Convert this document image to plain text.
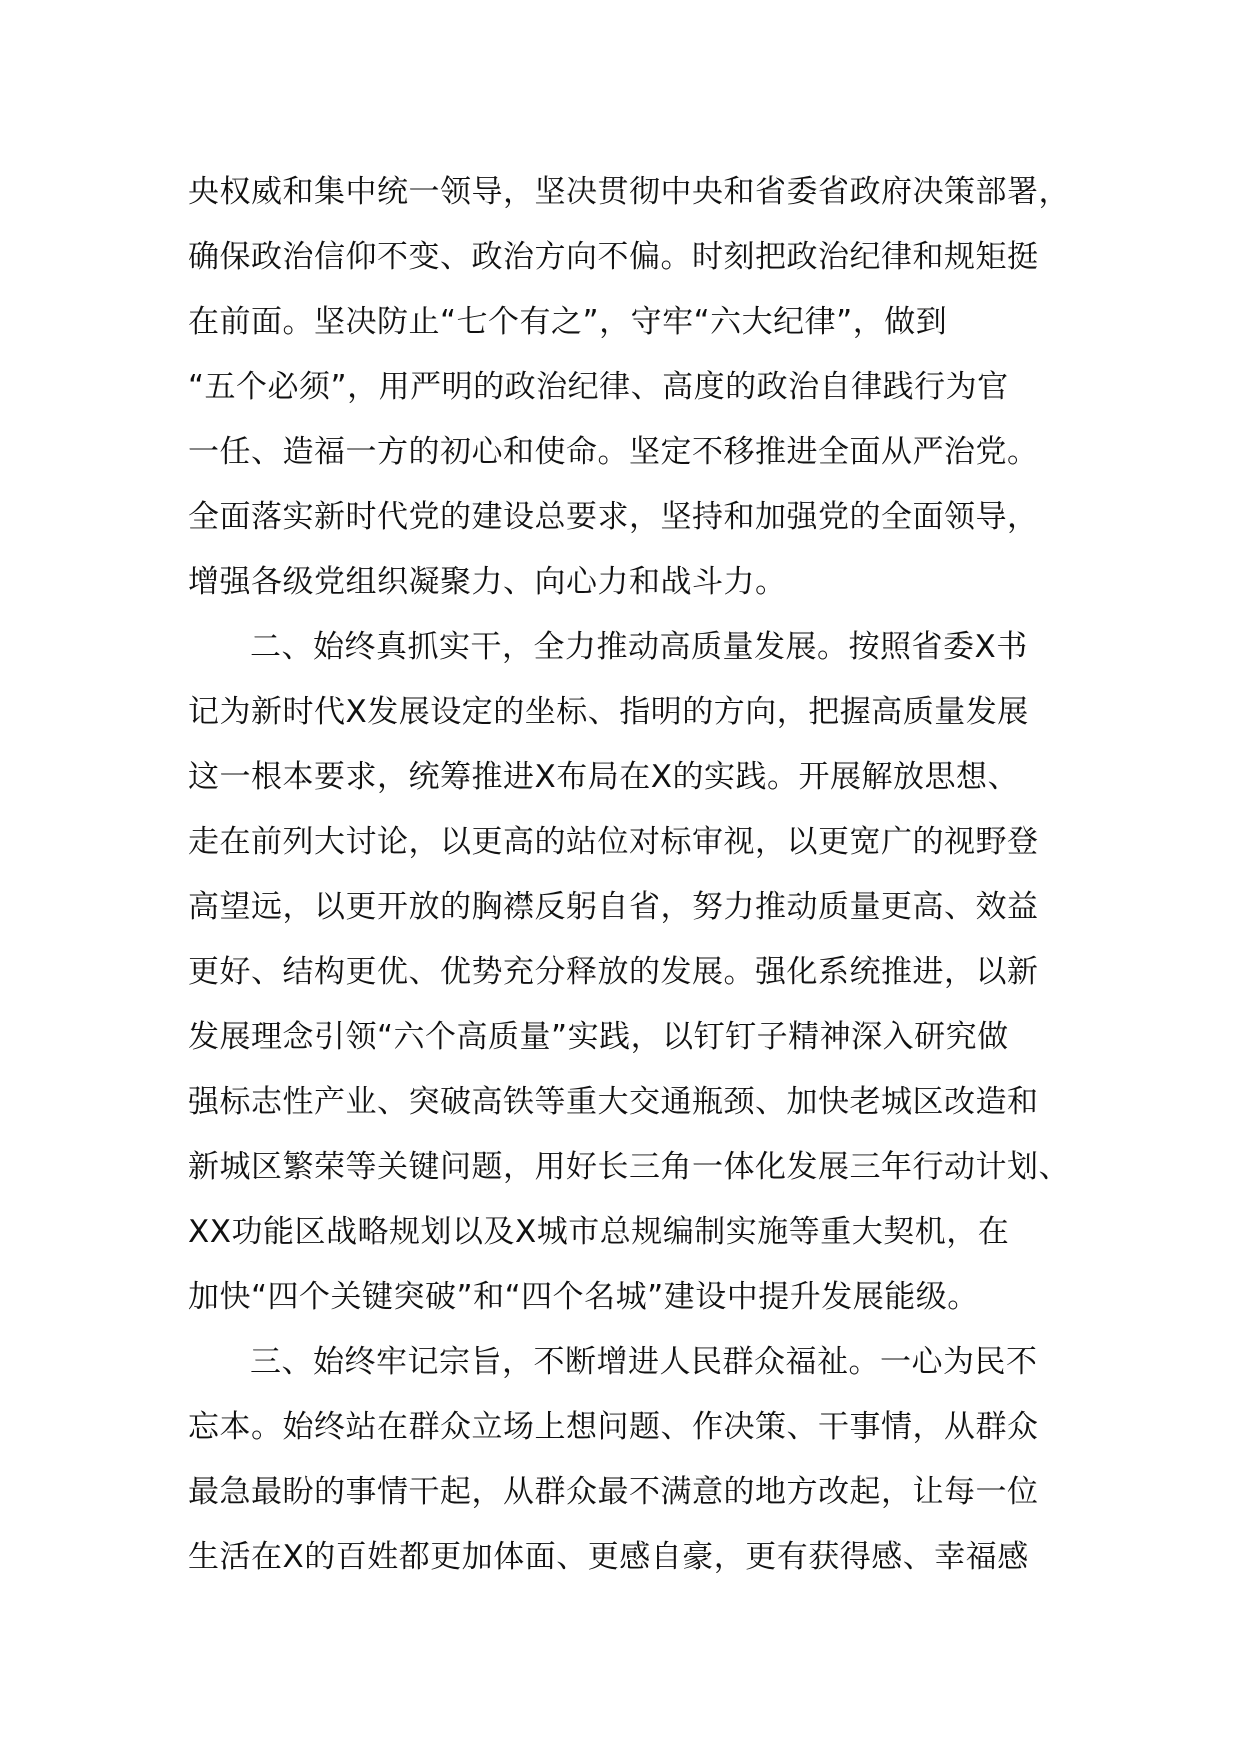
央权威和集中统一领导，坚决贯彻中央和省委省政府决策部署，
确保政治信仰不变、政治方向不偏。时刻把政治纪律和规矩挺
在前面。坚决防止“七个有之”，守牢“六大纪律”，做到
“五个必须”，用严明的政治纪律、高度的政治自律践行为官
一任、造福一方的初心和使命。坚定不移推进全面从严治党。
全面落实新时代党的建设总要求，坚持和加强党的全面领导，
增强各级党组织凝聚力、向心力和战斗力。
二、始终真抓实干，全力推动高质量发展。按照省委X书
记为新时代X发展设定的坐标、指明的方向，把握高质量发展
这一根本要求，统筹推进X布局在X的实践。开展解放思想、
走在前列大讨论，以更高的站位对标审视，以更宽广的视野登
高望远，以更开放的胸襟反躬自省，努力推动质量更高、效益
更好、结构更优、优势充分释放的发展。强化系统推进，以新
发展理念引领“六个高质量”实践，以钉钉子精神深入研究做
强标志性产业、突破高铁等重大交通瓶颈、加快老城区改造和
新城区繁荣等关键问题，用好长三角一体化发展三年行动计划、
XX功能区战略规划以及X城市总规编制实施等重大契机，在
加快“四个关键突破”和“四个名城”建设中提升发展能级。
三、始终牢记宗旨，不断增进人民群众福祉。一心为民不
忘本。始终站在群众立场上想问题、作决策、干事情，从群众
最急最盼的事情干起，从群众最不满意的地方改起，让每一位
生活在X的百姓都更加体面、更感自豪，更有获得感、幸福感
